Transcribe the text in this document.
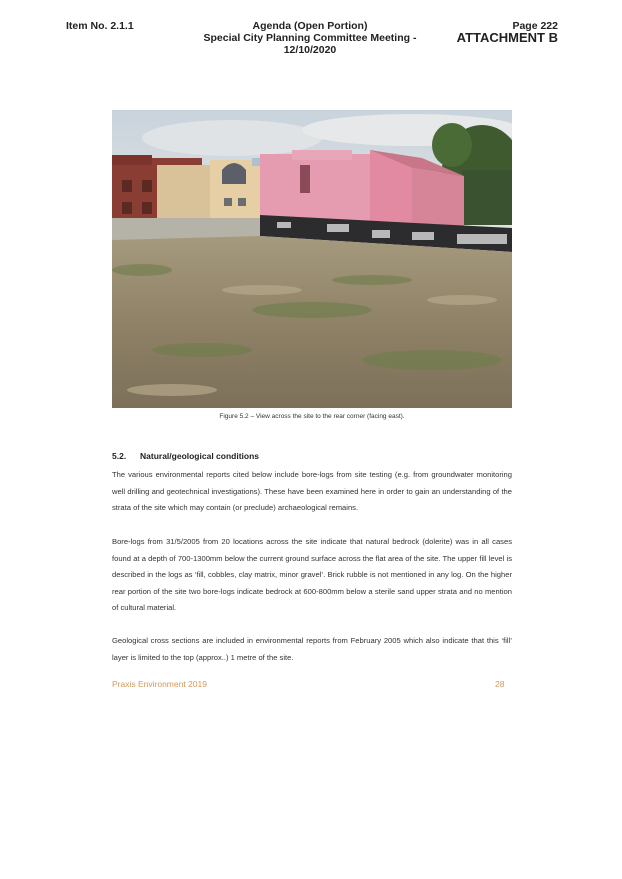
Item No. 2.1.1	Agenda (Open Portion)
Special City Planning Committee Meeting - 12/10/2020
Page 222
ATTACHMENT B
Figure 5.2 – View across the site to the rear corner (facing east).
5.2. Natural/geological conditions
The various environmental reports cited below include bore-logs from site testing (e.g. from groundwater monitoring well drilling and geotechnical investigations). These have been examined here in order to gain an understanding of the strata of the site which may contain (or preclude) archaeological remains.
Bore-logs from 31/5/2005 from 20 locations across the site indicate that natural bedrock (dolerite) was in all cases found at a depth of 700-1300mm below the current ground surface across the flat area of the site. The upper fill level is described in the logs as ‘fill, cobbles, clay matrix, minor gravel’. Brick rubble is not mentioned in any log. On the higher rear portion of the site two bore-logs indicate bedrock at 600-800mm below a sterile sand upper strata and no mention of cultural material.
Geological cross sections are included in environmental reports from February 2005 which also indicate that this ‘fill’ layer is limited to the top (approx..) 1 metre of the site.
Praxis Environment 2019	28
